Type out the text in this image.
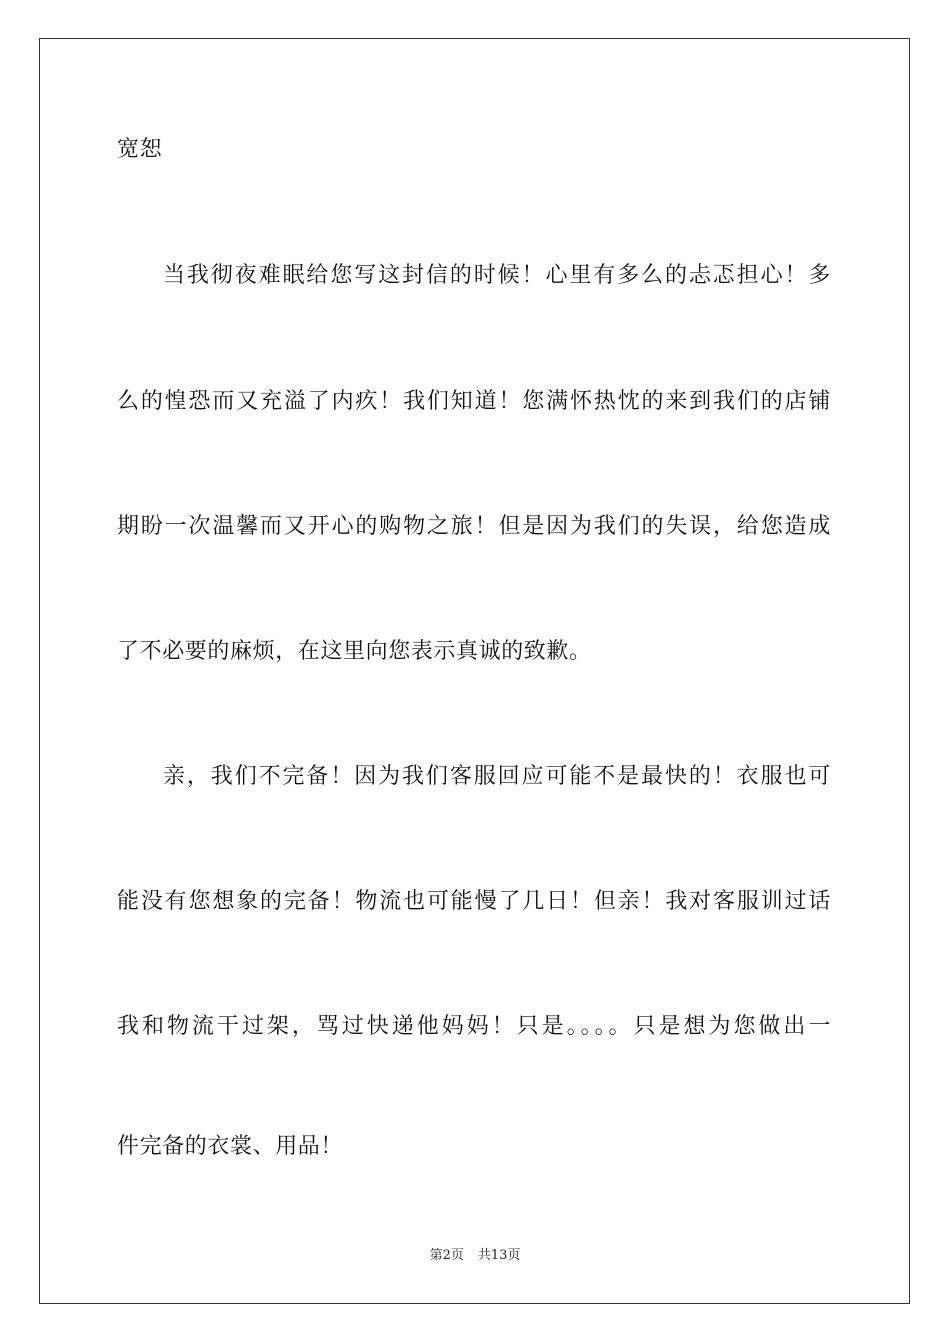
宽恕
当我彻夜难眠给您写这封信的时候！心里有多么的忐忑担心！多
么的惶恐而又充溢了内疚！我们知道！您满怀热忱的来到我们的店铺
期盼一次温馨而又开心的购物之旅！但是因为我们的失误，给您造成
了不必要的麻烦，在这里向您表示真诚的致歉。
亲，我们不完备！因为我们客服回应可能不是最快的！衣服也可
能没有您想象的完备！物流也可能慢了几日！但亲！我对客服训过话
我和物流干过架，骂过快递他妈妈！只是。。。。只是想为您做出一
件完备的衣裳、用品！
第2页 共13页
